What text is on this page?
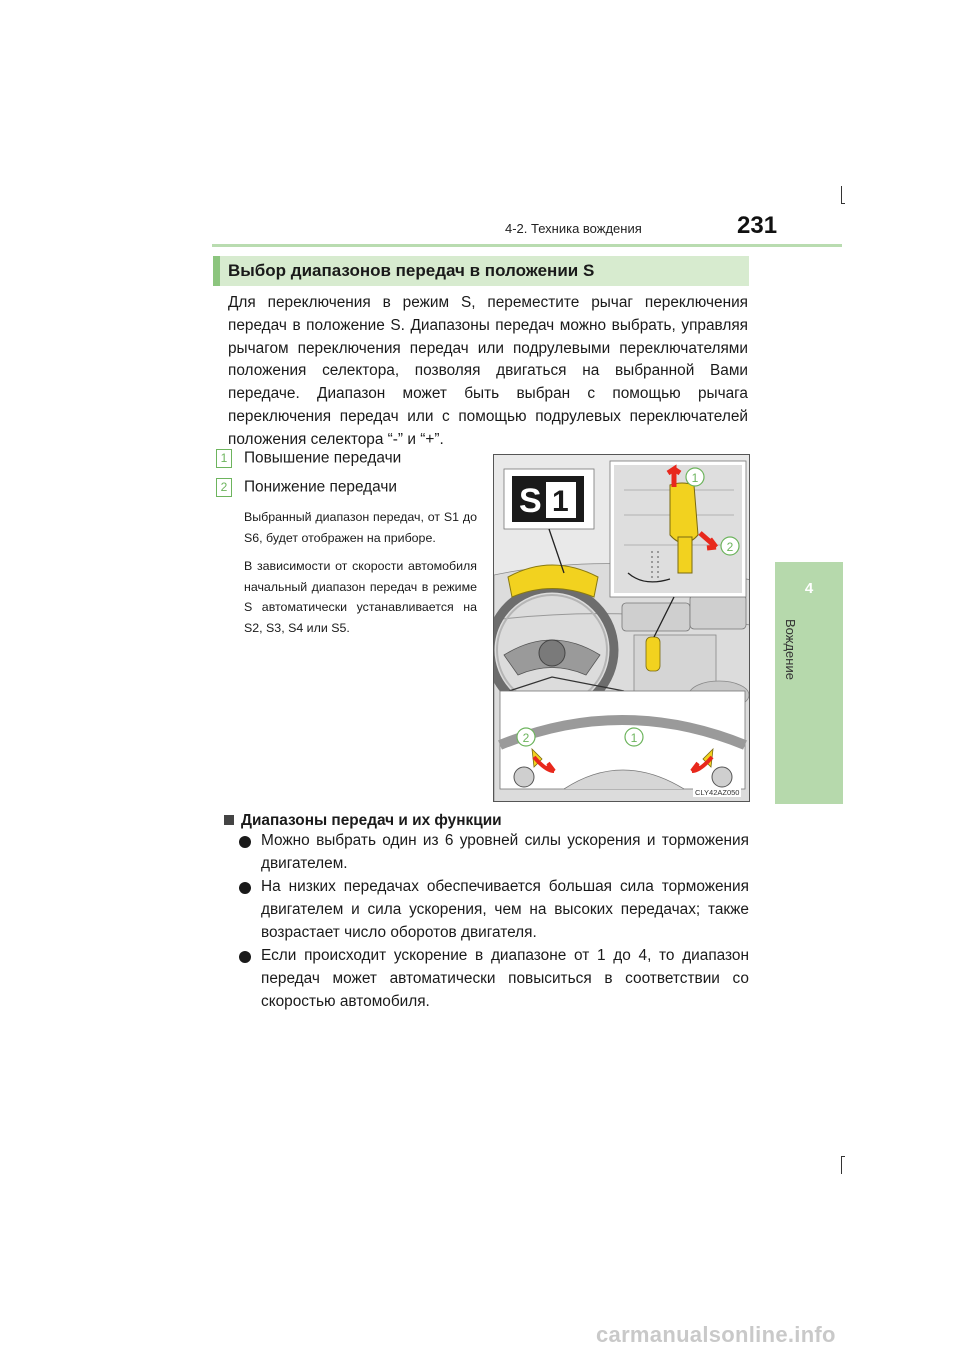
4-2. Техника вождения	231
4
Вождение
Выбор диапазонов передач в положении S
Для переключения в режим S, переместите рычаг переключения передач в положение S. Диапазоны передач можно выбрать, управляя рычагом переключения передач или подрулевыми переключателями положения селектора, позволяя двигаться на выбранной Вами передаче. Диапазон может быть выбран с помощью рычага переключения передач или с помощью подрулевых переключателей положения селектора “-” и “+”.
1 Повышение передачи
2 Понижение передачи
Выбранный диапазон передач, от S1 до S6, будет отображен на приборе.
В зависимости от скорости автомобиля начальный диапазон передач в режиме S автоматически устанавливается на S2, S3, S4 или S5.
S 1
1
2
2	1
CLY42AZ050
Диапазоны передач и их функции
Можно выбрать один из 6 уровней силы ускорения и торможения двигателем.
На низких передачах обеспечивается большая сила торможения двигателем и сила ускорения, чем на высоких передачах; также возрастает число оборотов двигателя.
Если происходит ускорение в диапазоне от 1 до 4, то диапазон передач может автоматически повыситься в соответствии со скоростью автомобиля.
carmanualsonline.info
